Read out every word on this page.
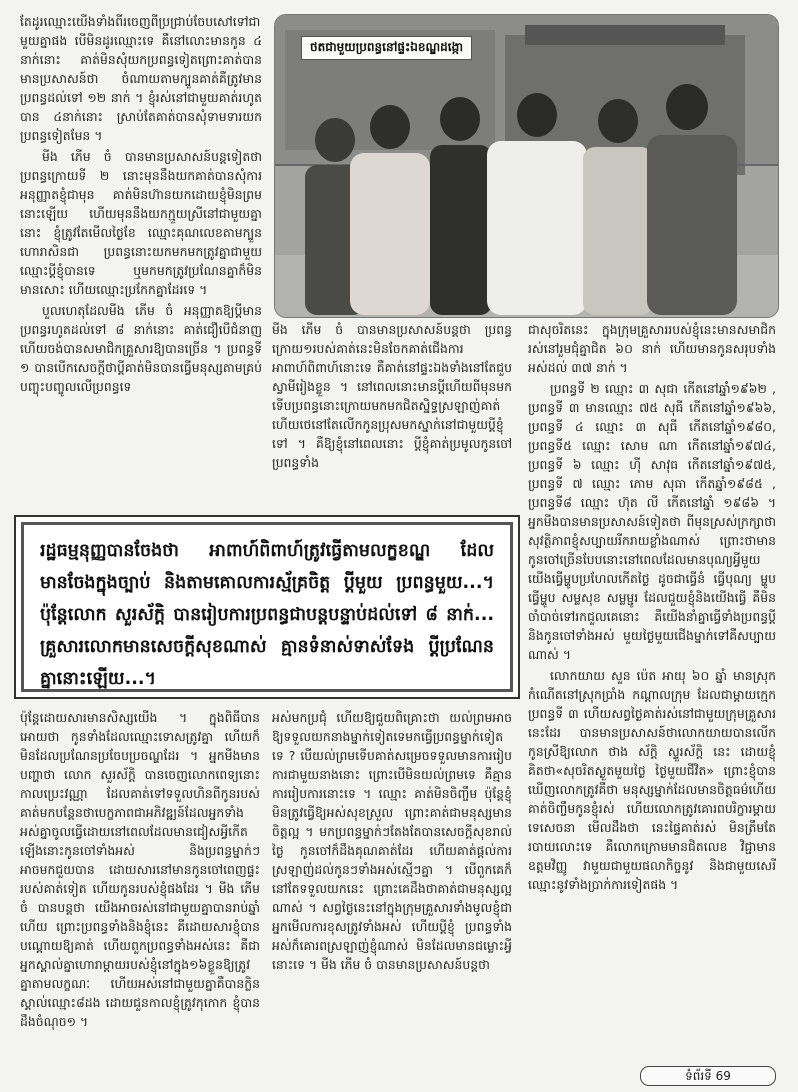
តែដូរឈ្មោះយើងទាំងពីរចេញពីប្រជ្រាប់ចែបសៅទៅជាមួយគ្នាផង បើមិនដូរឈ្មោះទេ គឺនៅលោះមានកូន ៤ នាក់នោះ គាត់មិនសុំយកប្រពន្ធទៀតព្រោះគាត់បានមានប្រសាសន៍ថា ចំណាយតាមក្បួនគាត់គឺត្រូវមានប្រពន្ធដល់ទៅ ១២ នាក់ ។ ខ្ញុំរស់នៅជាមួយគាត់រហូតបាន ៤នាក់នោះ ស្រាប់តែគាត់បានសុំទាមទារយកប្រពន្ធទៀតមែន ។

មីង ភើម ចំ បានមានប្រសាសន៍បន្តទៀតថា ប្រពន្ធក្រោយទី ២ នោះមុននឹងយកគាត់បានសុំការអនុញ្ញាតខ្ញុំជាមុន គាត់មិនហ៊ានយកដោយខ្ញុំមិនព្រមនោះឡើយ ហើយមុននឹងយកក្មួយស្រីនៅជាមួយគ្នានោះ ខ្ញុំត្រូវតែមើលថ្ងៃខែ ឈ្មោះគុណលេខតាមក្បួនហោរាសិនជា ប្រពន្ធនោះយកមកមកត្រូវគ្នាជាមួយឈ្មោះប្ដីខ្ញុំបានទេ ឬមកមកត្រូវប្រណែនគ្នាក៏មិនមានសោះ ហើយឈ្មោះប្រកែកគ្នាដែរទេ ។

បួលហេតុដែលមីង ភើម ចំ អនុញ្ញាតឱ្យប្ដីមានប្រពន្ធរហូតដល់ទៅ ៨ នាក់នោះ គាត់ជឿបើជំនាញ ហើយចង់បានសមាជិកគ្រួសារឱ្យបានច្រើន ។ ប្រពន្ធទី ១ បានបើកសេចក្ដីថាប្ដីគាត់មិនបានធ្វើមនុស្សតាមគ្រប់បញ្ចុះបញ្ចូលលើប្រពន្ធទេ

ថតជាមួយប្រពន្ធនៅផ្ទះឯខណ្ឌដង្កោ

មីង ភើម ចំ បានមានប្រសាសន៍បន្តថា ប្រពន្ធក្រោយ១របស់គាត់នេះមិនចែកគាត់ជើងការអាពាហ៍ពិពាហ៍នោះទេ គឺគាត់នៅផ្ទះឯងទាំងនៅតែជួបស្វាមីរៀងខ្លួន ។ នៅពេលនោះមានប្ដីហើយពីមុនមក ទើបប្រពន្ធនោះក្រោយមកមកជិតស្និទ្ធស្រឡាញ់គាត់ ហើយថេនៅតែលើកកូនប្រុសមកស្នាក់នៅជាមួយប្ដីខ្ញុំទៅ ។ គឺឱ្យខ្ញុំនៅពេលនោះ ប្ដីខ្ញុំគាត់ប្រមូលកូនចៅប្រពន្ធទាំង

ជាសុចរិតនេះ ក្នុងក្រុមគ្រួសាររបស់ខ្ញុំនេះមានសមាជិករស់នៅរួមជុំគ្នាជិត ៦០ នាក់ ហើយមានកូនសរុបទាំងអស់ដល់ ៣៧ នាក់ ។

ប្រពន្ធទី ២ ឈ្មោះ ៣ សុជា កើតនៅឆ្នាំ១៩៦២ , ប្រពន្ធទី ៣ មានឈ្មោះ ៧៥ សុធី កើតនៅឆ្នាំ១៩៦៦, ប្រពន្ធទី ៤ ឈ្មោះ ៣ សុធី កើតនៅឆ្នាំ១៩៨០, ប្រពន្ធទី៥ ឈ្មោះ សោម ណា កើតនៅឆ្នាំ១៩៧៤, ប្រពន្ធទី ៦ ឈ្មោះ ហ៊ី សាវុធ កើតនៅឆ្នាំ១៩៧៥, ប្រពន្ធទី ៧ ឈ្មោះ ភោម សុធា កើតឆ្នាំ១៩៨៥ , ប្រពន្ធទី៨ ឈ្មោះ ហ៊ុត លី កើតនៅឆ្នាំ ១៩៨៦ ។ អ្នកមីងបានមានប្រសាសន៍ទៀតថា ពីមុនស្រស់ក្រក្សាថា សុវត្ថិភាពខ្ញុំសប្បាយរីករាយខ្លាំងណាស់ ព្រោះថាមានកូនចៅច្រើនបែបនោះនៅពេលដែលមានបុណ្យអ្វីមួយយើងធ្វើម្ហូបប្រហែលកើតថ្ងៃ ដូចជាធ្វើនំ ធ្វើបុណ្យ ម្ហូប ធ្វើម្ហូប សម្លសុខ សម្លម្ជូរ ដែលជួយខ្ញុំនិងយើងធ្វើ គឺមិនចាំបាច់ទៅរកជួលគេនោះ គឺយើងនាំគ្នាធ្វើទាំងប្រពន្ធប្ដីនិងកូនចៅទាំងអស់ មួយថ្ងៃមួយជើងម្នាក់ទៅគឺសប្បាយណាស់ ។

លោកយាយ សួន ប៉េត អាយុ ៦០ ឆ្នាំ មានស្រុកកំណើតនៅស្រុកប្រាំង កណ្ដាលក្រុម ដែលជាម្ដាយក្មេកប្រពន្ធទី ៣ ហើយសព្វថ្ងៃគាត់រស់នៅជាមួយក្រុមគ្រួសារនេះដែរ បានមានប្រសាសន៍ថាលោកយាយបានលើកកូនស្រីឱ្យលោក ថាង ស័ក្ដិ ស្ទួរស័ក្តិ នេះ ដោយខ្ញុំគិតថា«សុចរិតស្ងួតមួយថ្ងៃ ថ្ងៃមួយជីវិត» ព្រោះខ្ញុំបានឃើញលោកត្រូវគឺថា មនុស្សម្នាក់ដែលមានចិត្តធម៌ហើយគាត់ចិញ្ចឹមកូនខ្ញុំរស់ ហើយលោកត្រូវគោរពបរិក្ខារម្ដាយ ទេសេចនា មើលដឹងថា នេះផ្ទៃគាត់រស់ មិនត្រឹមតែរបាយលោះទេ គឺលោកក្រោមមានជិតលេខ វិជ្ជាមានឧត្តមវិញ្ញូ វាមួយជាមួយផលាកិច្ចនូវ និងជាមួយសេរីឈ្មោះនូវទាំងប្រាក់ការទៀតផង ។

រដ្ឋធម្មនុញ្ញបានចែងថា អាពាហ៍ពិពាហ៍ត្រូវធ្វើតាមលក្ខខណ្ឌ ដែលមានចែងក្នុងច្បាប់ និងតាមគោលការស្ម័គ្រចិត្ត ប្ដីមួយ ប្រពន្ធមួយ...។ ប៉ុន្តែលោក សួរស័ក្តិ បានរៀបការប្រពន្ធជាបន្តបន្ទាប់ដល់ទៅ ៨ នាក់... គ្រួសារលោកមានសេចក្ដីសុខណាស់ គ្មានទំនាស់ទាស់ទែង ប្ដីប្រណែនគ្នានោះឡើយ...។

ប៉ុន្តែដោយសារមានសិស្សយើង ។ ក្នុងពិធីបានអោយថា កូនទាំងដែលឈ្មោះទោសត្រូវគ្នា ហើយក៏មិនដែលប្រណែនប្រចែបប្រចណ្ឌដែរ ។ អ្នកមីងមានបញ្ហាថា លោក សួរស័ក្តិ បានចេញលោកពេទ្យនោះកាលប្រេះវណ្ណា ដែលគាត់ទៅទទួលហិនពីកូនរបស់គាត់មកបន្ដែនថាបេក្ខភាពជាអភិវឌ្ឍន៍ដែលអ្នកទាំងអស់គ្នាចូលធ្វើដោយនៅពេលដែលមានជៀសអ្វីកើតឡើងនោះកូនចៅទាំងអស់ និងប្រពន្ធម្នាក់ៗ អាចមកជួយបាន ដោយសារនៅមានកូនចៅពេញផ្ទះរបស់គាត់ទៀត ហើយកូនរបស់ខ្ញុំផងដែរ ។ មីង ភើម ចំ បានបន្តថា យើងអាចរស់នៅជាមួយគ្នាបានរាប់ឆ្នាំហើយ ព្រោះប្រពន្ធទាំងនិងខ្ញុំនេះ គឺដោយសារខ្ញុំបានបណ្ដោយឱ្យគាត់ ហើយពួកប្រពន្ធទាំងអស់នេះ គឺជាអ្នកស្គាល់គ្នាហោរាម្ដាយរបស់ខ្ញុំនៅក្នុង១៦ខ្លួនឱ្យត្រូវគ្នាតាមលក្ខណៈ ហើយអស់នៅជាមួយគ្នាគឺបានក្លិនស្គាល់ឈ្មោះ៨ដង ដោយជួនកាលខ្ញុំត្រូវកុកោក ខ្ញុំបានដឹងចំណុច១ ។

អស់មកប្រជុំ ហើយឱ្យជួយពិគ្រោះថា យល់ព្រមអាចឱ្យទទួលយកនាងម្នាក់ទៀតទេមកធ្វើប្រពន្ធម្នាក់ទៀតទេ ? បើយល់ព្រមទើបគាត់សម្រេចទទួលមានការរៀបការជាមួយនាងនោះ ព្រោះបើមិនយល់ព្រមទេ គឺគ្មានការរៀបការនោះទេ ។ ឈ្មោះ គាត់មិនចិញ្ចឹម ប៉ុន្តែខ្ញុំមិនត្រូវធ្វើឱ្យអស់សុខស្រួល ព្រោះគាត់ជាមនុស្សមានចិត្តល្អ ។ មកប្រពន្ធម្នាក់ៗតែងតែបានសេចក្ដីសុខរាល់ថ្ងៃ កូនចៅក៏ដឹងគុណគាត់ដែរ ហើយគាត់ផ្ដល់ការស្រឡាញ់ដល់កូនៗទាំងអស់ស្មើៗគ្នា ។ បើពួកគេក៏នៅតែទទួលយកនេះ ព្រោះគេដឹងថាគាត់ជាមនុស្សល្អណាស់ ។ សព្វថ្ងៃនេះនៅក្នុងក្រុមគ្រួសារទាំងមូលខ្ញុំជាអ្នកមើលការខុសត្រូវទាំងអស់ ហើយប្ដីខ្ញុំ ប្រពន្ធទាំងអស់ក៏គោរពស្រឡាញ់ខ្ញុំណាស់ មិនដែលមានជម្លោះអ្វីនោះទេ ។ មីង ភើម ចំ បានមានប្រសាសន៍បន្តថា

ទំព័រទី 69
